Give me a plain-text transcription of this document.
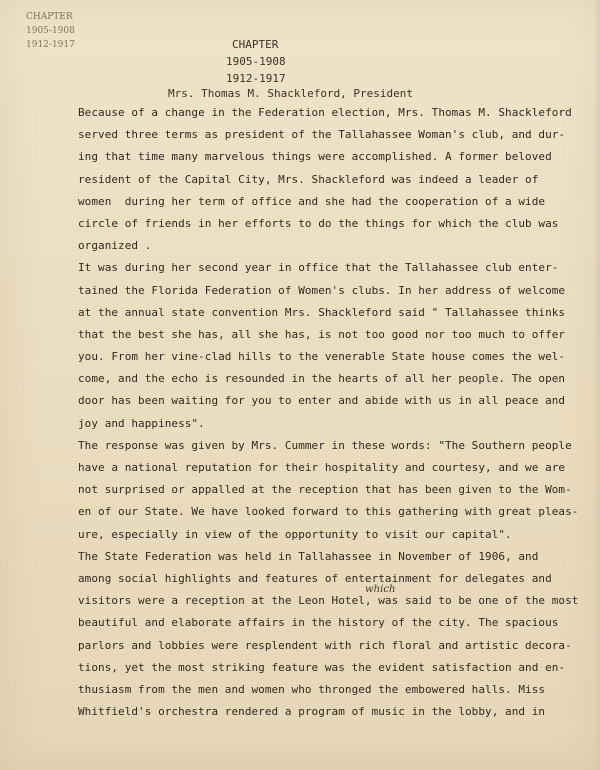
CHAPTER
1905-1908
1912-1917	CHAPTER
1905-1908
1912-1917
Mrs. Thomas M. Shackleford, President
Because of a change in the Federation election, Mrs. Thomas M. Shackleford
served three terms as president of the Tallahassee Woman's club, and dur-
ing that time many marvelous things were accomplished. A former beloved
resident of the Capital City, Mrs. Shackleford was indeed a leader of
women  during her term of office and she had the cooperation of a wide
circle of friends in her efforts to do the things for which the club was
organized .
It was during her second year in office that the Tallahassee club enter-
tained the Florida Federation of Women's clubs. In her address of welcome
at the annual state convention Mrs. Shackleford said " Tallahassee thinks
that the best she has, all she has, is not too good nor too much to offer
you. From her vine-clad hills to the venerable State house comes the wel-
come, and the echo is resounded in the hearts of all her people. The open
door has been waiting for you to enter and abide with us in all peace and
joy and happiness".
The response was given by Mrs. Cummer in these words: "The Southern people
have a national reputation for their hospitality and courtesy, and we are
not surprised or appalled at the reception that has been given to the Wom-
en of our State. We have looked forward to this gathering with great pleas-
ure, especially in view of the opportunity to visit our capital".
The State Federation was held in Tallahassee in November of 1906, and
among social highlights and features of entertainment for delegates and
visitors were a reception at the Leon Hotel, was said to be one of the most
which
beautiful and elaborate affairs in the history of the city. The spacious
parlors and lobbies were resplendent with rich floral and artistic decora-
tions, yet the most striking feature was the evident satisfaction and en-
thusiasm from the men and women who thronged the embowered halls. Miss
Whitfield's orchestra rendered a program of music in the lobby, and in
